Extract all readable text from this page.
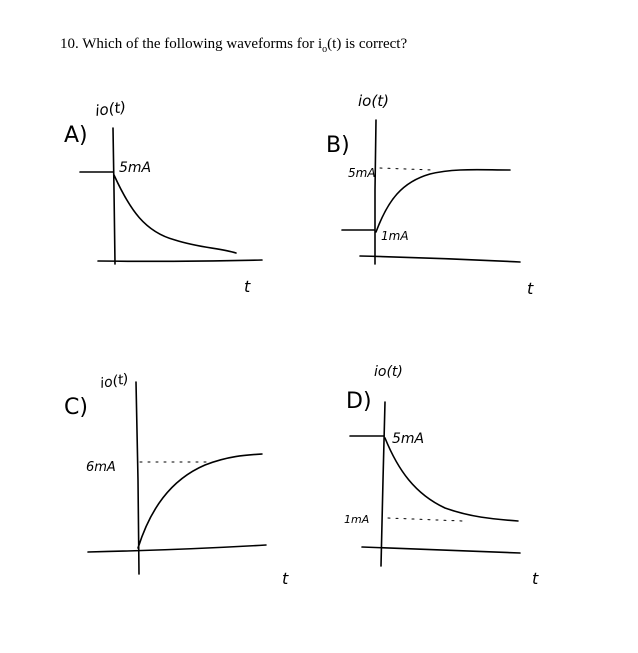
10. Which of the following waveforms for $i_o(t)$ is correct?
A)
io(t)
5mA
t
B)
io(t)
5mA
1mA
t
C)
io(t)
6mA
t
D)
io(t)
5mA
1mA
t
